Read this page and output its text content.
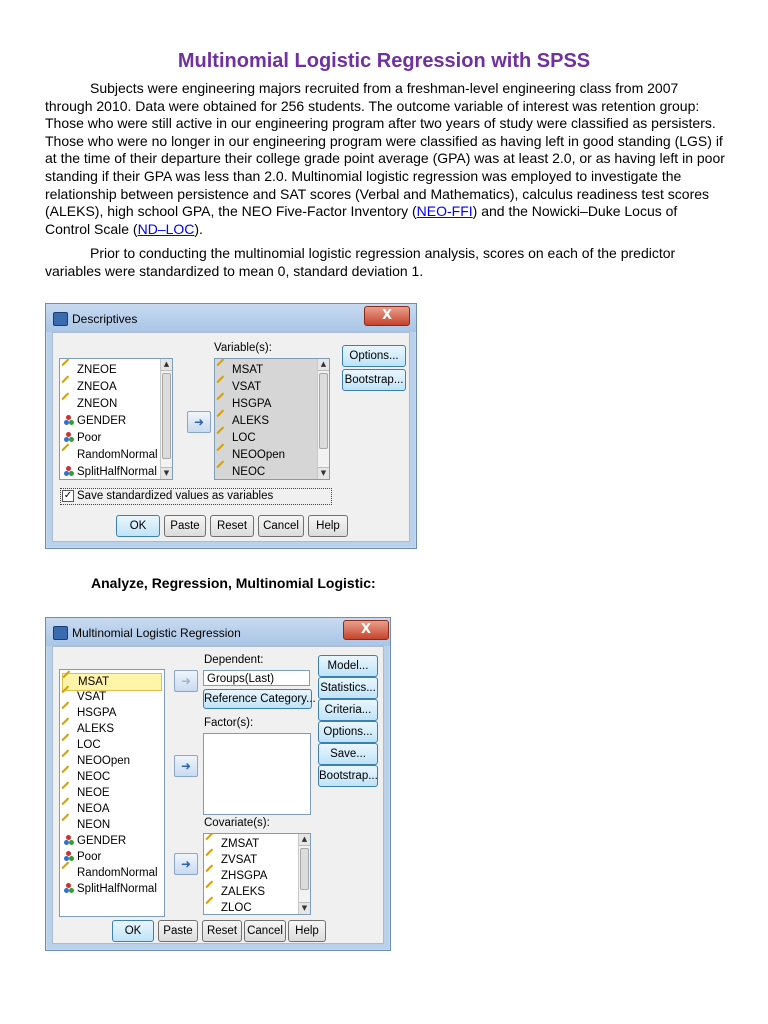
Multinomial Logistic Regression with SPSS

Subjects were engineering majors recruited from a freshman-level engineering class from 2007 through 2010. Data were obtained for 256 students. The outcome variable of interest was retention group: Those who were still active in our engineering program after two years of study were classified as persisters. Those who were no longer in our engineering program were classified as having left in good standing (LGS) if at the time of their departure their college grade point average (GPA) was at least 2.0, or as having left in poor standing if their GPA was less than 2.0. Multinomial logistic regression was employed to investigate the relationship between persistence and SAT scores (Verbal and Mathematics), calculus readiness test scores (ALEKS), high school GPA, the NEO Five-Factor Inventory (NEO-FFI) and the Nowicki–Duke Locus of Control Scale (ND–LOC).

Prior to conducting the multinomial logistic regression analysis, scores on each of the predictor variables were standardized to mean 0, standard deviation 1.

Descriptives	X
ZNEOE
ZNEOA
ZNEON
GENDER
Poor
RandomNormal
SplitHalfNormal
▲
▼
➜
Variable(s):
MSAT
VSAT
HSGPA
ALEKS
LOC
NEOOpen
NEOC
▲
▼
Options...
Bootstrap...
✓ Save standardized values as variables
OK	Paste	Reset	Cancel	Help
Analyze, Regression, Multinomial Logistic:
Multinomial Logistic Regression	X
MSAT
VSAT
HSGPA
ALEKS
LOC
NEOOpen
NEOC
NEOE
NEOA
NEON
GENDER
Poor
RandomNormal
SplitHalfNormal
➜
➜
➜
Dependent:
Groups(Last)
Reference Category...
Factor(s):
Covariate(s):
ZMSAT
ZVSAT
ZHSGPA
ZALEKS
ZLOC
▲
▼
Model...
Statistics...
Criteria...
Options...
Save...
Bootstrap...
OK	Paste	Reset Cancel	Help
